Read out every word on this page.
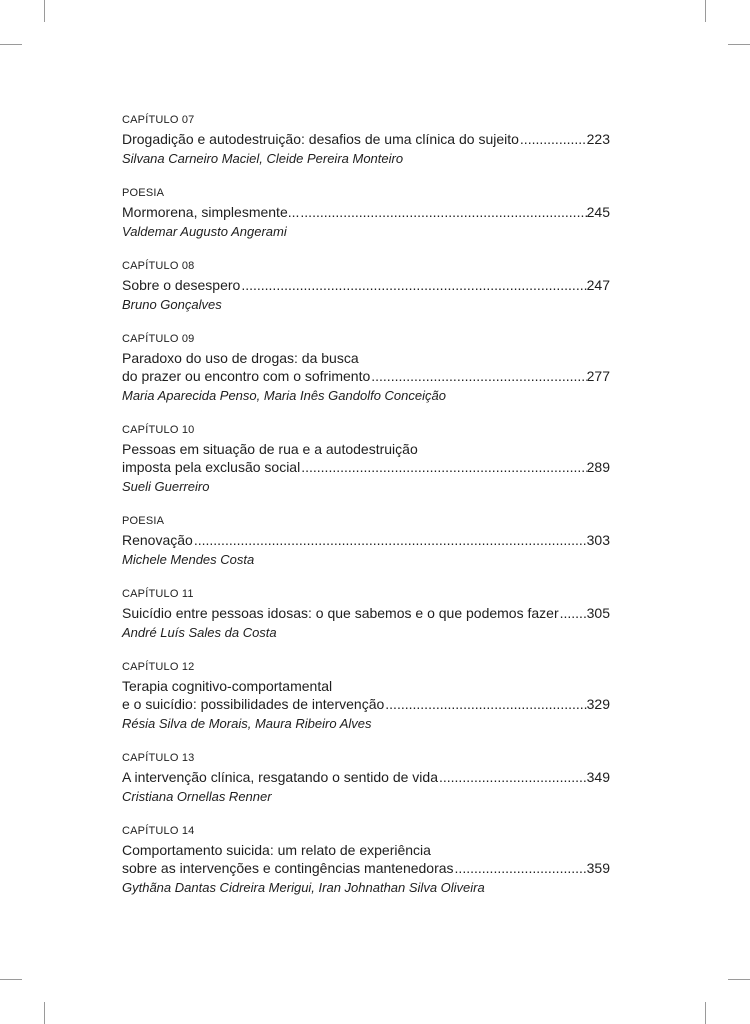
CAPÍTULO 07
Drogadição e autodestruição: desafios de uma clínica do sujeito .....	223
Silvana Carneiro Maciel, Cleide Pereira Monteiro
POESIA
Mormorena, simplesmente... .....	245
Valdemar Augusto Angerami
CAPÍTULO 08
Sobre o desespero .....	247
Bruno Gonçalves
CAPÍTULO 09
Paradoxo do uso de drogas: da busca
do prazer ou encontro com o sofrimento .....	277
Maria Aparecida Penso, Maria Inês Gandolfo Conceição
CAPÍTULO 10
Pessoas em situação de rua e a autodestruição
imposta pela exclusão social .....	289
Sueli Guerreiro
POESIA
Renovação .....	303
Michele Mendes Costa
CAPÍTULO 11
Suicídio entre pessoas idosas: o que sabemos e o que podemos fazer ..... 305
André Luís Sales da Costa
CAPÍTULO 12
Terapia cognitivo-comportamental
e o suicídio: possibilidades de intervenção .....	329
Résia Silva de Morais, Maura Ribeiro Alves
CAPÍTULO 13
A intervenção clínica, resgatando o sentido de vida .....	349
Cristiana Ornellas Renner
CAPÍTULO 14
Comportamento suicida: um relato de experiência
sobre as intervenções e contingências mantenedoras .....	359
Gythãna Dantas Cidreira Merigui, Iran Johnathan Silva Oliveira
